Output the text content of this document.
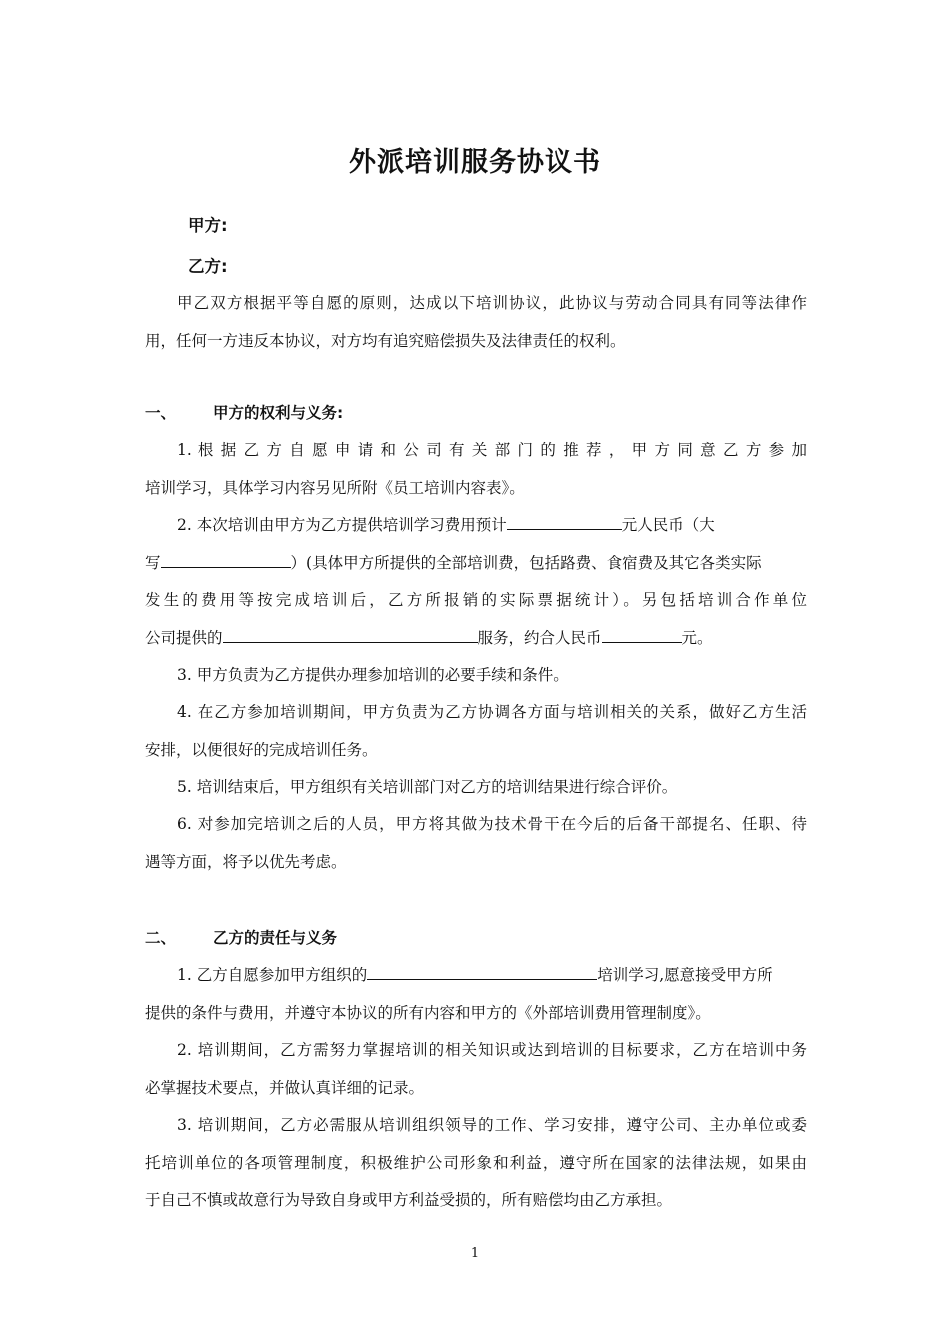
外派培训服务协议书
甲方:
乙方:
甲乙双方根据平等自愿的原则，达成以下培训协议，此协议与劳动合同具有同等法律作
用，任何一方违反本协议，对方均有追究赔偿损失及法律责任的权利。
一、 甲方的权利与义务:
1. 根 据 乙 方 自 愿 申 请 和 公 司 有 关 部 门 的 推 荐 ， 甲 方 同 意 乙 方 参 加
培训学习，具体学习内容另见所附《员工培训内容表》。
2. 本次培训由甲方为乙方提供培训学习费用预计	元人民币（大
写	）(具体甲方所提供的全部培训费，包括路费、食宿费及其它各类实际
发生的费用等按完成培训后，乙方所报销的实际票据统计）。另包括培训合作单位
公司提供的	服务，约合人民币	元。
3. 甲方负责为乙方提供办理参加培训的必要手续和条件。
4. 在乙方参加培训期间，甲方负责为乙方协调各方面与培训相关的关系，做好乙方生活
安排，以便很好的完成培训任务。
5. 培训结束后，甲方组织有关培训部门对乙方的培训结果进行综合评价。
6. 对参加完培训之后的人员，甲方将其做为技术骨干在今后的后备干部提名、任职、待
遇等方面，将予以优先考虑。
二、 乙方的责任与义务
1. 乙方自愿参加甲方组织的	培训学习,愿意接受甲方所
提供的条件与费用，并遵守本协议的所有内容和甲方的《外部培训费用管理制度》。
2. 培训期间，乙方需努力掌握培训的相关知识或达到培训的目标要求，乙方在培训中务
必掌握技术要点，并做认真详细的记录。
3. 培训期间，乙方必需服从培训组织领导的工作、学习安排，遵守公司、主办单位或委
托培训单位的各项管理制度，积极维护公司形象和利益，遵守所在国家的法律法规，如果由
于自己不慎或故意行为导致自身或甲方利益受损的，所有赔偿均由乙方承担。
1
